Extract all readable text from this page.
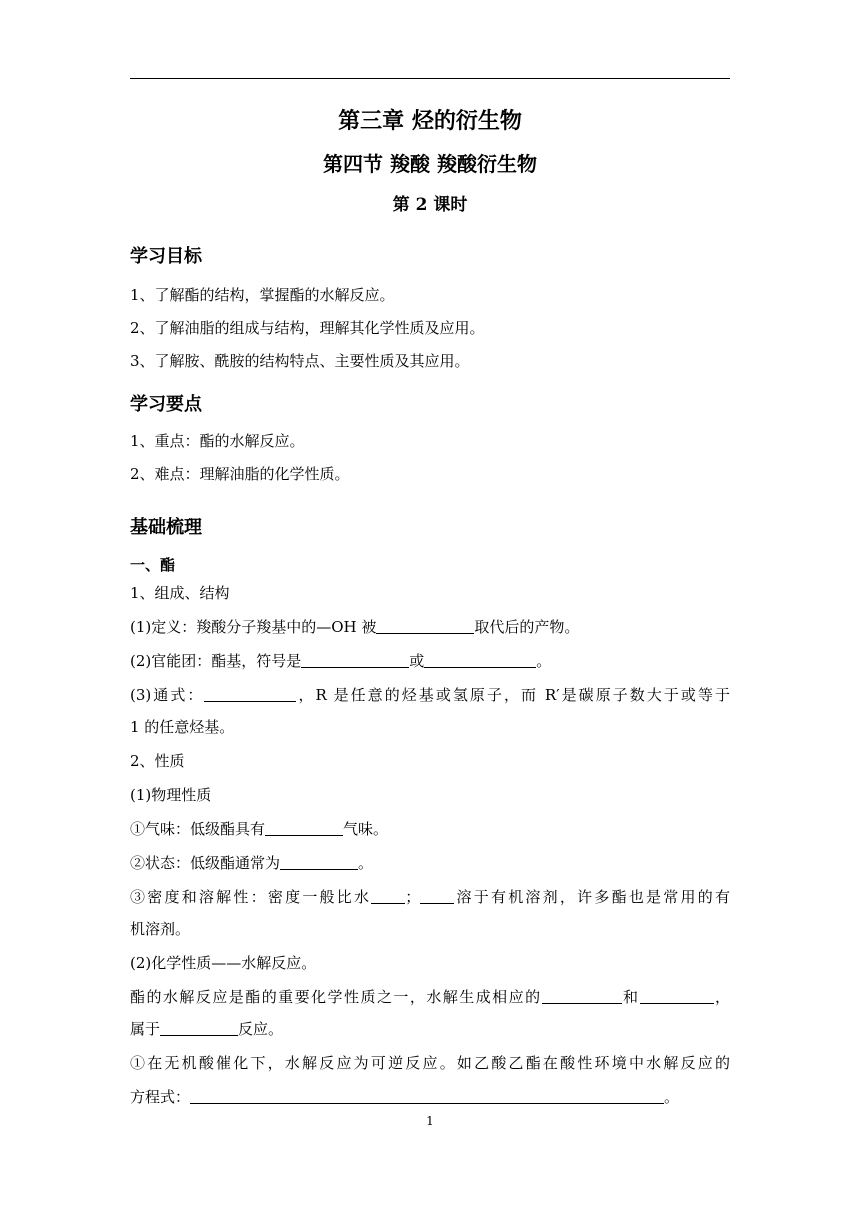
第三章 烃的衍生物
第四节 羧酸 羧酸衍生物
第 2 课时
学习目标
1、了解酯的结构，掌握酯的水解反应。
2、了解油脂的组成与结构，理解其化学性质及应用。
3、了解胺、酰胺的结构特点、主要性质及其应用。
学习要点
1、重点：酯的水解反应。
2、难点：理解油脂的化学性质。
基础梳理
一、酯
1、组成、结构
(1)定义：羧酸分子羧基中的—OH 被	取代后的产物。
(2)官能团：酯基，符号是	或	。
(3)通式：	，R 是任意的烃基或氢原子，而 R′是碳原子数大于或等于
1 的任意烃基。
2、性质
(1)物理性质
①气味：低级酯具有	气味。
②状态：低级酯通常为	。
③密度和溶解性：密度一般比水 ； 溶于有机溶剂，许多酯也是常用的有
机溶剂。
(2)化学性质——水解反应。
酯的水解反应是酯的重要化学性质之一，水解生成相应的	和	，
属于	反应。
①在无机酸催化下，水解反应为可逆反应。如乙酸乙酯在酸性环境中水解反应的
方程式：	。
1
